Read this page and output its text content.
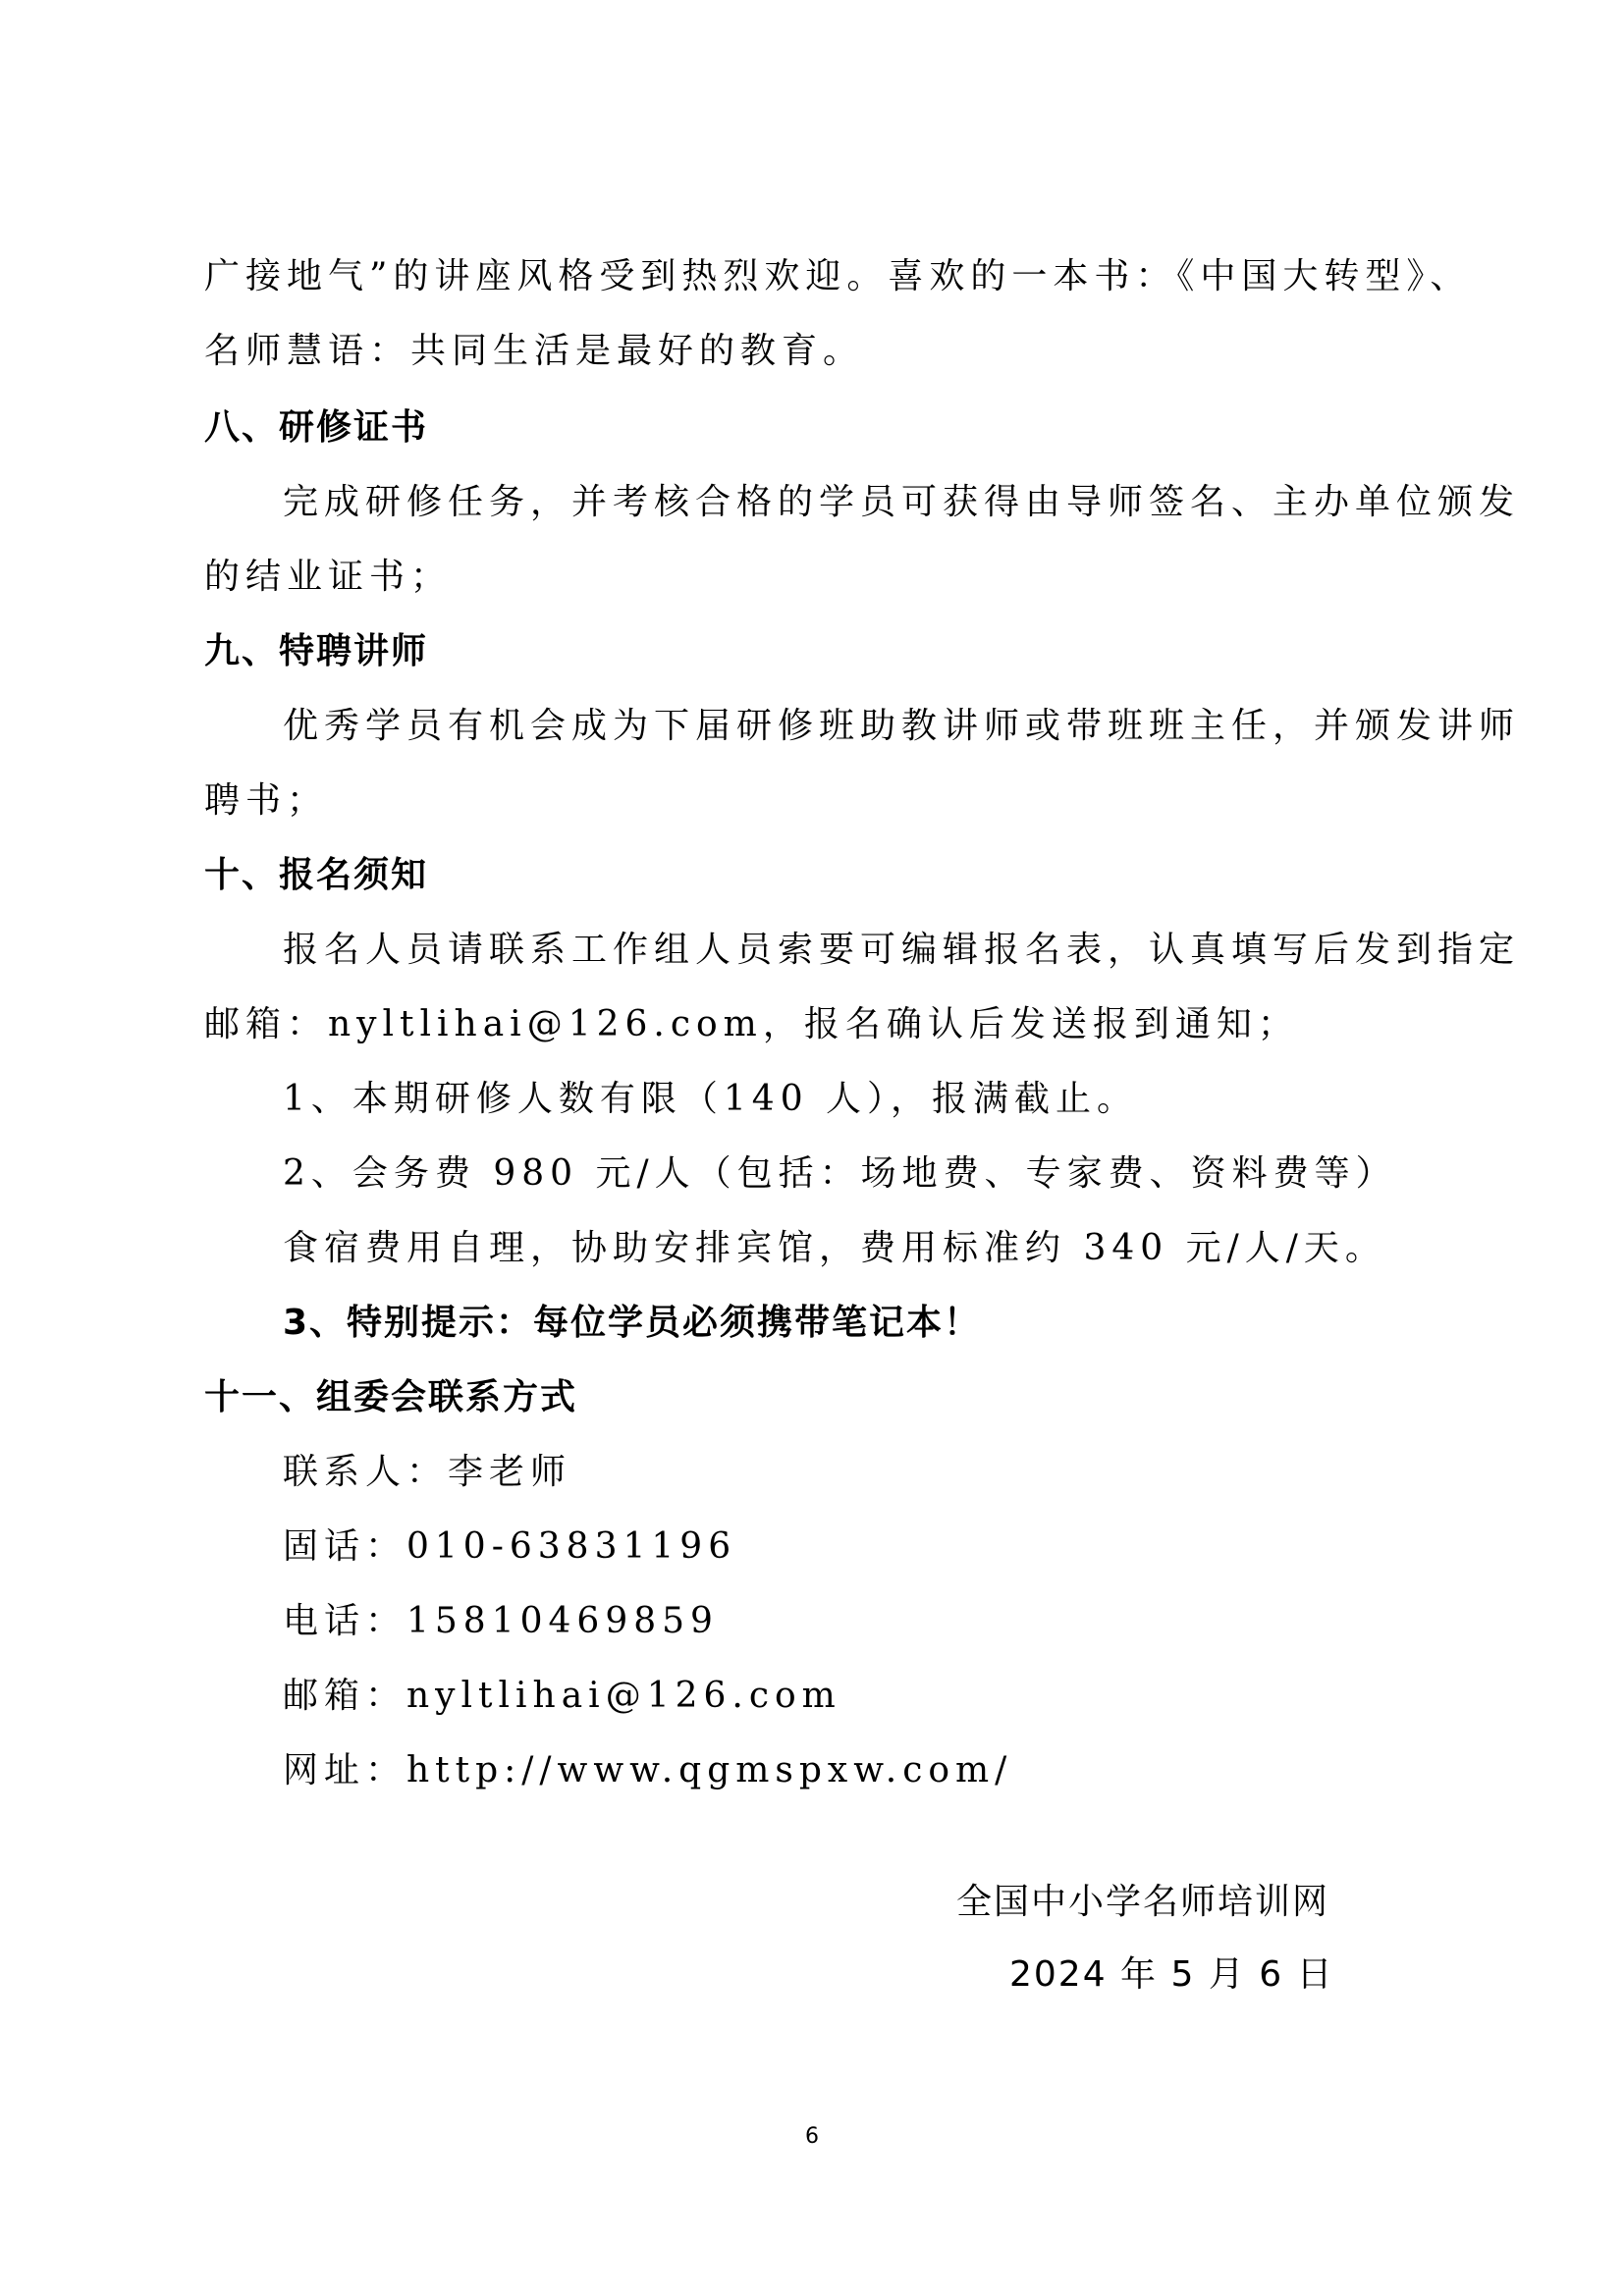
广接地气”的讲座风格受到热烈欢迎。喜欢的一本书：《中国大转型》、
名师慧语：共同生活是最好的教育。
八、研修证书
完成研修任务，并考核合格的学员可获得由导师签名、主办单位颁发
的结业证书；
九、特聘讲师
优秀学员有机会成为下届研修班助教讲师或带班班主任，并颁发讲师
聘书；
十、报名须知
报名人员请联系工作组人员索要可编辑报名表，认真填写后发到指定
邮箱：nyltlihai@126.com，报名确认后发送报到通知；
1、本期研修人数有限（140 人），报满截止。
2、会务费 980 元/人（包括：场地费、专家费、资料费等）
食宿费用自理，协助安排宾馆，费用标准约 340 元/人/天。
3、特别提示：每位学员必须携带笔记本！
十一、组委会联系方式
联系人：李老师
固话：010-63831196
电话：15810469859
邮箱：nyltlihai@126.com
网址：http://www.qgmspxw.com/
全国中小学名师培训网
2024 年 5 月 6 日
6
